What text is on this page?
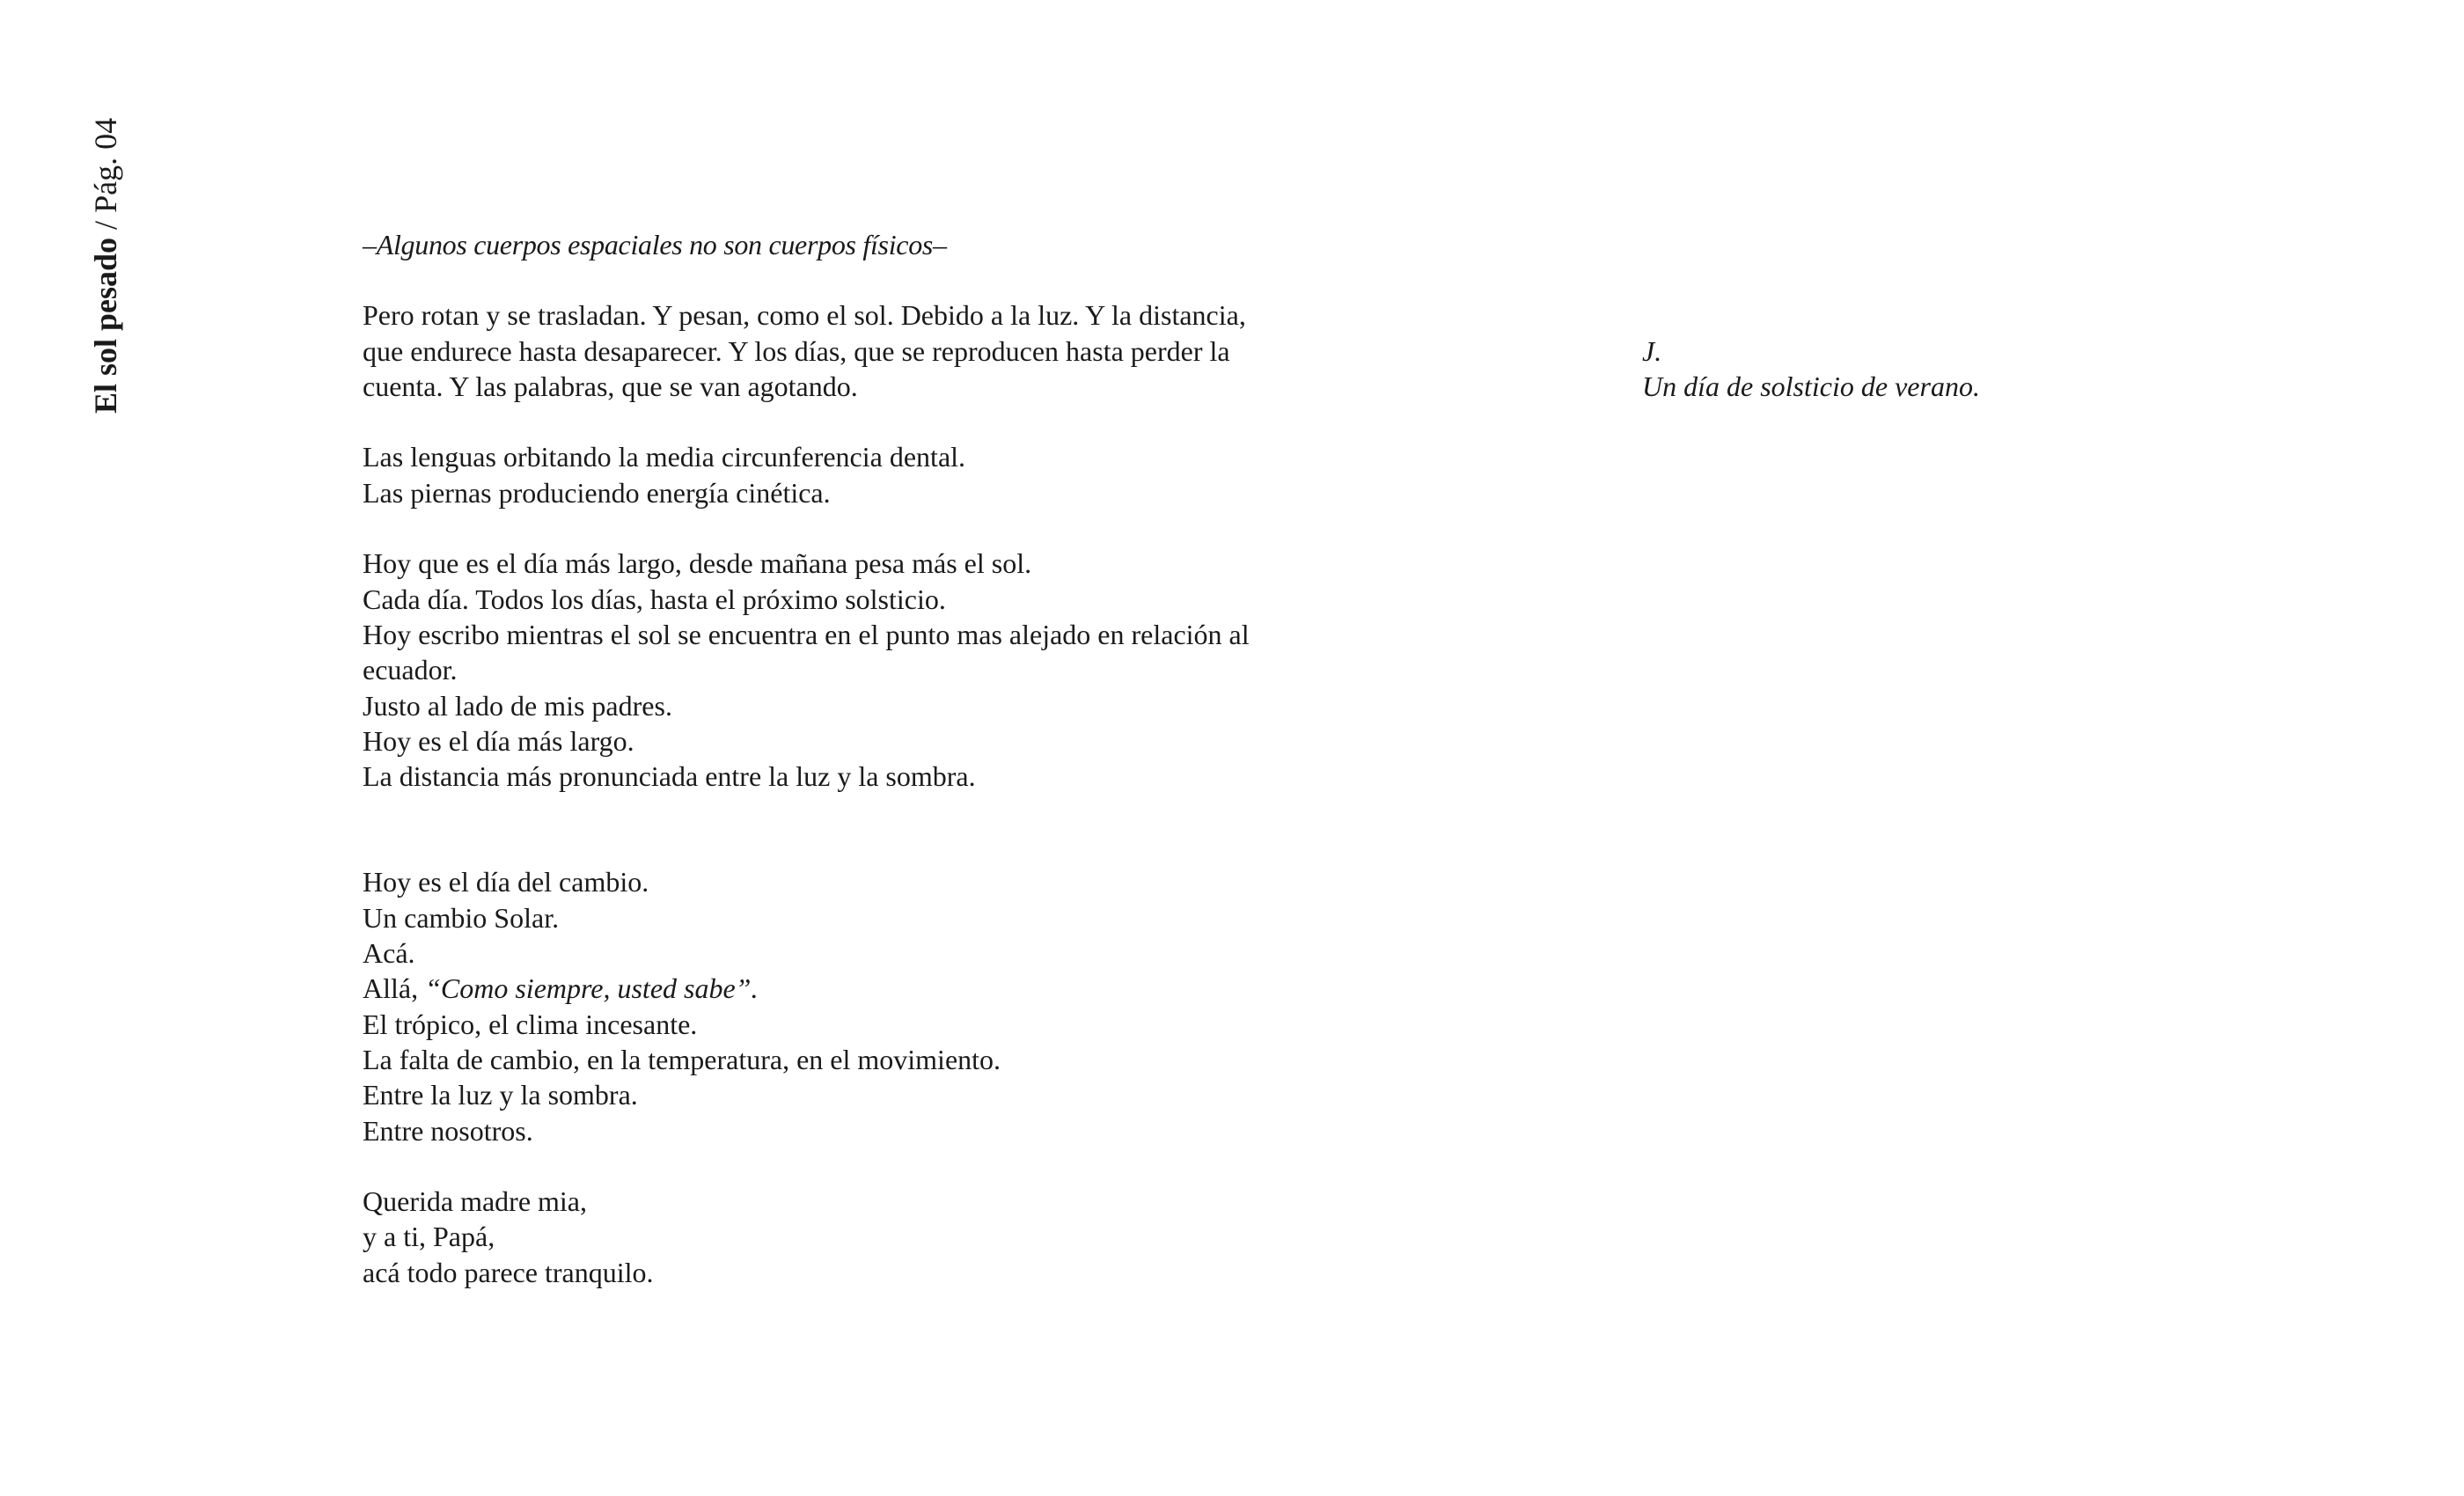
El sol pesado / Pág. 04

–Algunos cuerpos espaciales no son cuerpos físicos–

Pero rotan y se trasladan. Y pesan, como el sol. Debido a la luz. Y la distancia, que endurece hasta desaparecer. Y los días, que se reproducen hasta perder la cuenta. Y las palabras, que se van agotando.

Las lenguas orbitando la media circunferencia dental.
Las piernas produciendo energía cinética.

Hoy que es el día más largo, desde mañana pesa más el sol.
Cada día. Todos los días, hasta el próximo solsticio.
Hoy escribo mientras el sol se encuentra en el punto mas alejado en relación al
ecuador.
Justo al lado de mis padres.
Hoy es el día más largo.
La distancia más pronunciada entre la luz y la sombra.

Hoy es el día del cambio.
Un cambio Solar.
Acá.
Allá, “Como siempre, usted sabe”.
El trópico, el clima incesante.
La falta de cambio, en la temperatura, en el movimiento.
Entre la luz y la sombra.
Entre nosotros.

Querida madre mia,
y a ti, Papá,
acá todo parece tranquilo.

J.
Un día de solsticio de verano.
